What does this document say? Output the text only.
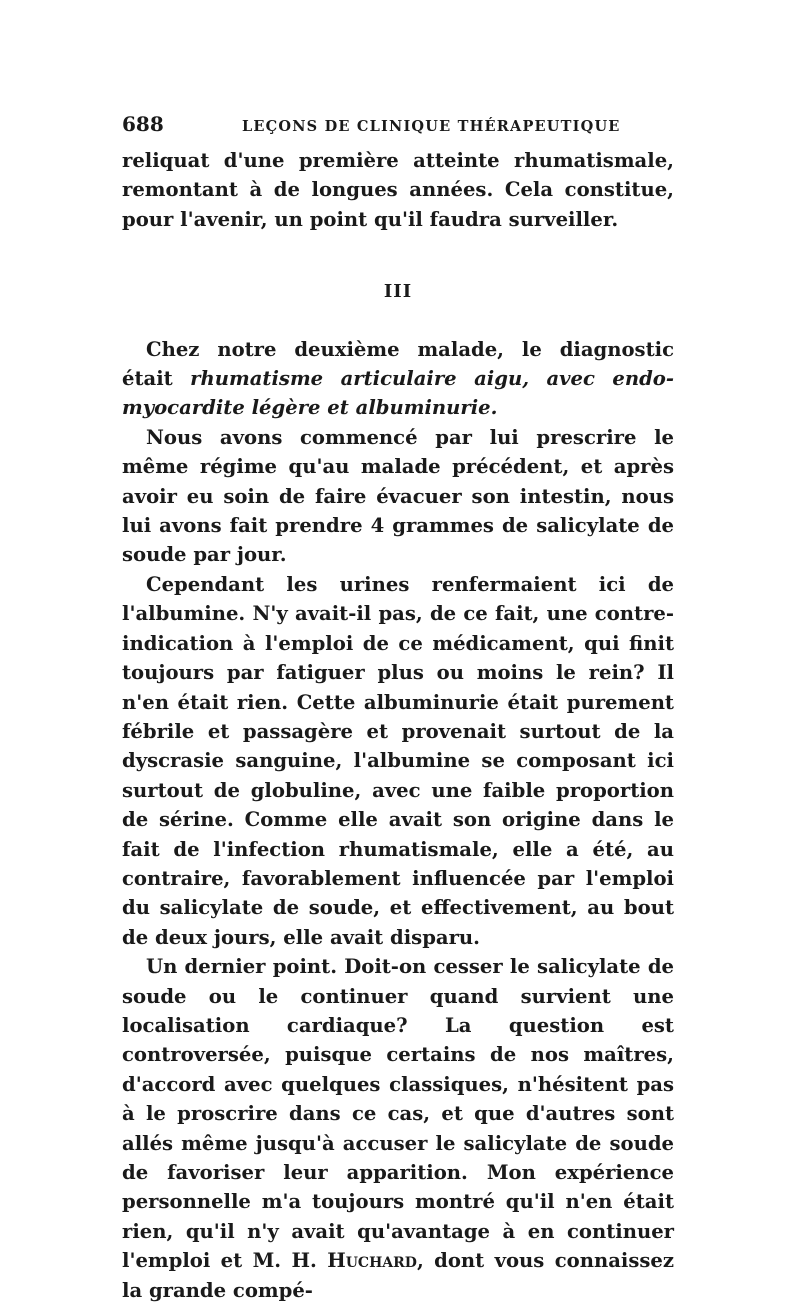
688	LEÇONS DE CLINIQUE THÉRAPEUTIQUE

reliquat d'une première atteinte rhumatismale, remontant à de longues années. Cela constitue, pour l'avenir, un point qu'il faudra surveiller.

III

Chez notre deuxième malade, le diagnostic était rhumatisme articulaire aigu, avec endo-myocardite légère et albuminurie.

Nous avons commencé par lui prescrire le même régime qu'au malade précédent, et après avoir eu soin de faire évacuer son intestin, nous lui avons fait prendre 4 grammes de salicylate de soude par jour.

Cependant les urines renfermaient ici de l'albumine. N'y avait-il pas, de ce fait, une contre-indication à l'emploi de ce médicament, qui finit toujours par fatiguer plus ou moins le rein? Il n'en était rien. Cette albuminurie était purement fébrile et passagère et provenait surtout de la dyscrasie sanguine, l'albumine se composant ici surtout de globuline, avec une faible proportion de sérine. Comme elle avait son origine dans le fait de l'infection rhumatismale, elle a été, au contraire, favorablement influencée par l'emploi du salicylate de soude, et effectivement, au bout de deux jours, elle avait disparu.

Un dernier point. Doit-on cesser le salicylate de soude ou le continuer quand survient une localisation cardiaque? La question est controversée, puisque certains de nos maîtres, d'accord avec quelques classiques, n'hésitent pas à le proscrire dans ce cas, et que d'autres sont allés même jusqu'à accuser le salicylate de soude de favoriser leur apparition. Mon expérience personnelle m'a toujours montré qu'il n'en était rien, qu'il n'y avait qu'avantage à en continuer l'emploi et M. H. Huchard, dont vous connaissez la grande compé-
